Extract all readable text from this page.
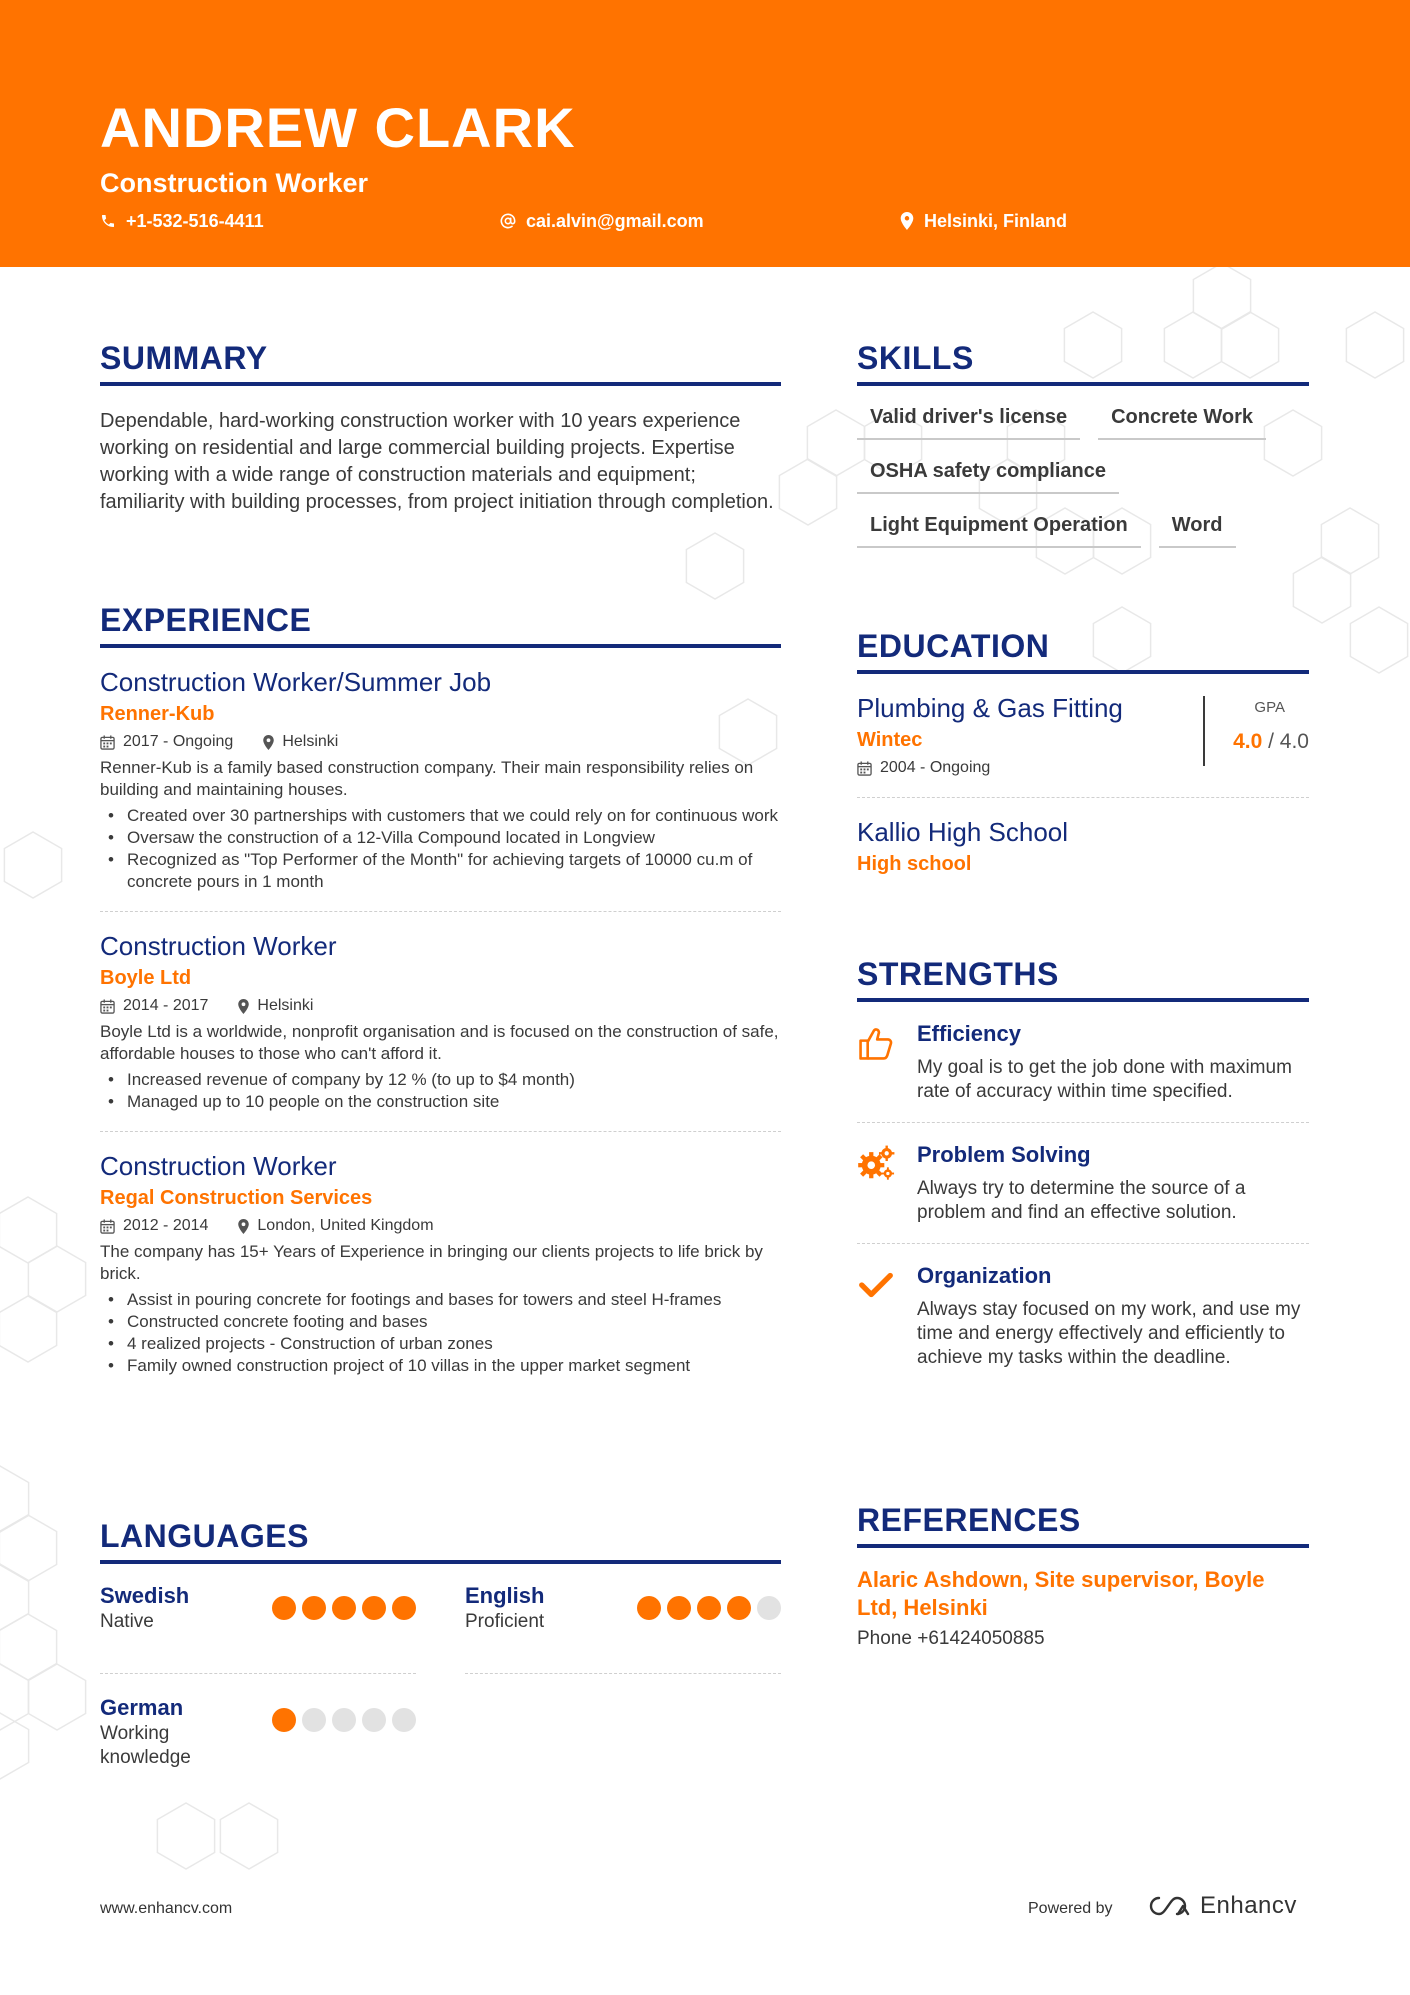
ANDREW CLARK
Construction Worker
+1-532-516-4411	cai.alvin@gmail.com	Helsinki, Finland
SUMMARY
Dependable, hard-working construction worker with 10 years experience working on residential and large commercial building projects. Expertise working with a wide range of construction materials and equipment; familiarity with building processes, from project initiation through completion.
EXPERIENCE
Construction Worker/Summer Job
Renner-Kub
2017 - Ongoing	Helsinki
Renner-Kub is a family based construction company. Their main responsibility relies on building and maintaining houses.
• Created over 30 partnerships with customers that we could rely on for continuous work
• Oversaw the construction of a 12-Villa Compound located in Longview
• Recognized as "Top Performer of the Month" for achieving targets of 10000 cu.m of concrete pours in 1 month
Construction Worker
Boyle Ltd
2014 - 2017	Helsinki
Boyle Ltd is a worldwide, nonprofit organisation and is focused on the construction of safe, affordable houses to those who can't afford it.
• Increased revenue of company by 12 % (to up to $4 month)
• Managed up to 10 people on the construction site
Construction Worker
Regal Construction Services
2012 - 2014	London, United Kingdom
The company has 15+ Years of Experience in bringing our clients projects to life brick by brick.
• Assist in pouring concrete for footings and bases for towers and steel H-frames
• Constructed concrete footing and bases
• 4 realized projects - Construction of urban zones
• Family owned construction project of 10 villas in the upper market segment
LANGUAGES
Swedish
Native
English
Proficient
German
Working knowledge
SKILLS
Valid driver's license	Concrete Work
OSHA safety compliance
Light Equipment Operation	Word
EDUCATION
Plumbing & Gas Fitting
Wintec
2004 - Ongoing
GPA
4.0 / 4.0
Kallio High School
High school
STRENGTHS
Efficiency
My goal is to get the job done with maximum rate of accuracy within time specified.
Problem Solving
Always try to determine the source of a problem and find an effective solution.
Organization
Always stay focused on my work, and use my time and energy effectively and efficiently to achieve my tasks within the deadline.
REFERENCES
Alaric Ashdown, Site supervisor, Boyle Ltd, Helsinki
Phone +61424050885
www.enhancv.com	Powered by	Enhancv
